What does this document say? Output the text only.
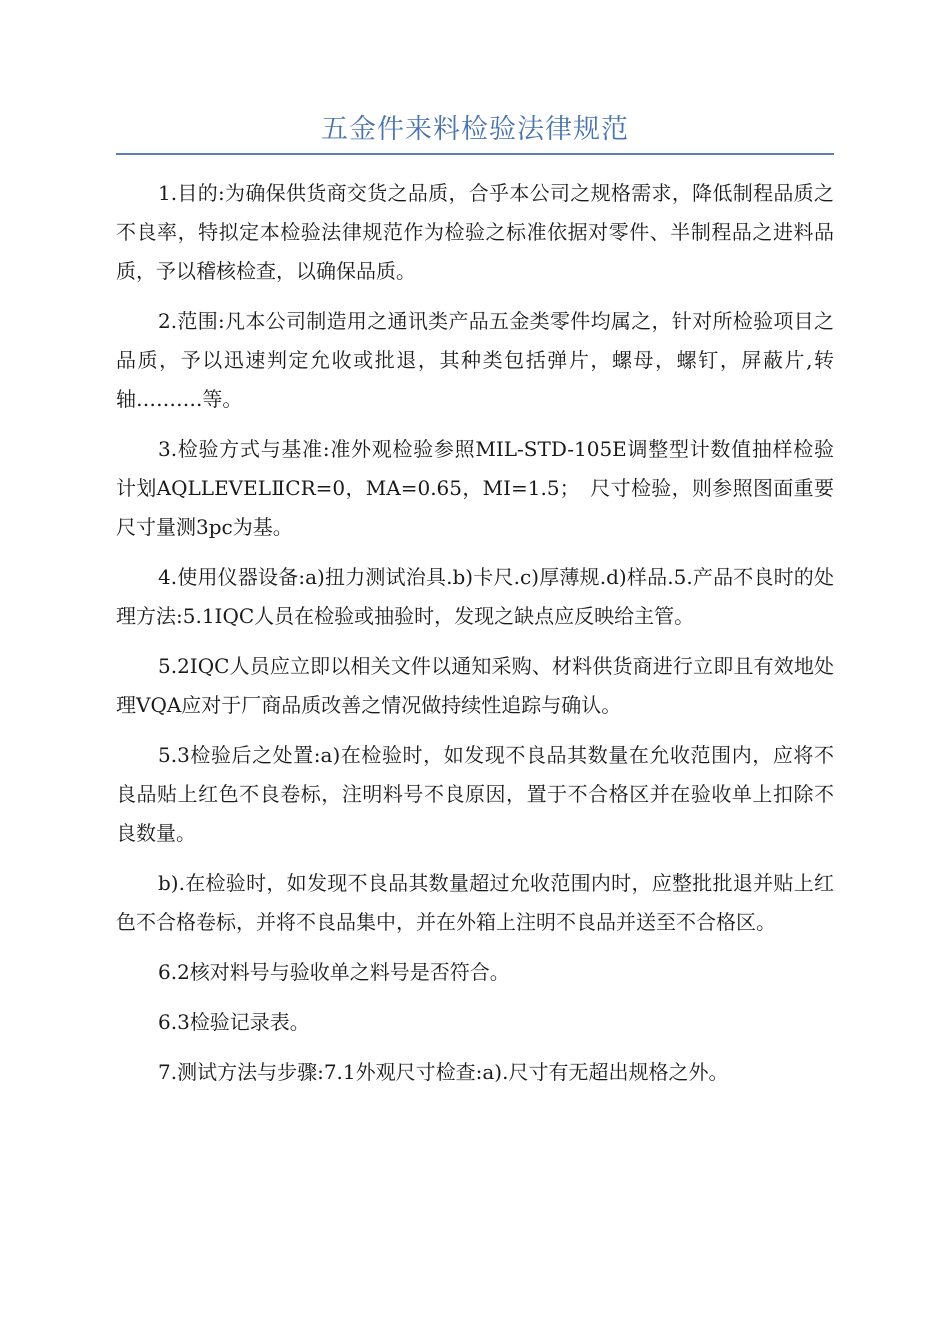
五金件来料检验法律规范

1.目的:为确保供货商交货之品质，合乎本公司之规格需求，降低制程品质之不良率，特拟定本检验法律规范作为检验之标准依据对零件、半制程品之进料品质，予以稽核检查，以确保品质。

2.范围:凡本公司制造用之通讯类产品五金类零件均属之，针对所检验项目之品质，予以迅速判定允收或批退，其种类包括弹片，螺母，螺钉，屏蔽片,转轴……….等。

3.检验方式与基准:准外观检验参照MIL-STD-105E调整型计数值抽样检验计划AQLLEVELⅡCR=0，MA=0.65，MI=1.5；　尺寸检验，则参照图面重要尺寸量测3pc为基。

4.使用仪器设备:a)扭力测试治具.b)卡尺.c)厚薄规.d)样品.5.产品不良时的处理方法:5.1IQC人员在检验或抽验时，发现之缺点应反映给主管。

5.2IQC人员应立即以相关文件以通知采购、材料供货商进行立即且有效地处理VQA应对于厂商品质改善之情况做持续性追踪与确认。

5.3检验后之处置:a)在检验时，如发现不良品其数量在允收范围内，应将不良品贴上红色不良卷标，注明料号不良原因，置于不合格区并在验收单上扣除不良数量。

b).在检验时，如发现不良品其数量超过允收范围内时，应整批批退并贴上红色不合格卷标，并将不良品集中，并在外箱上注明不良品并送至不合格区。

6.2核对料号与验收单之料号是否符合。

6.3检验记录表。

7.测试方法与步骤:7.1外观尺寸检查:a).尺寸有无超出规格之外。
